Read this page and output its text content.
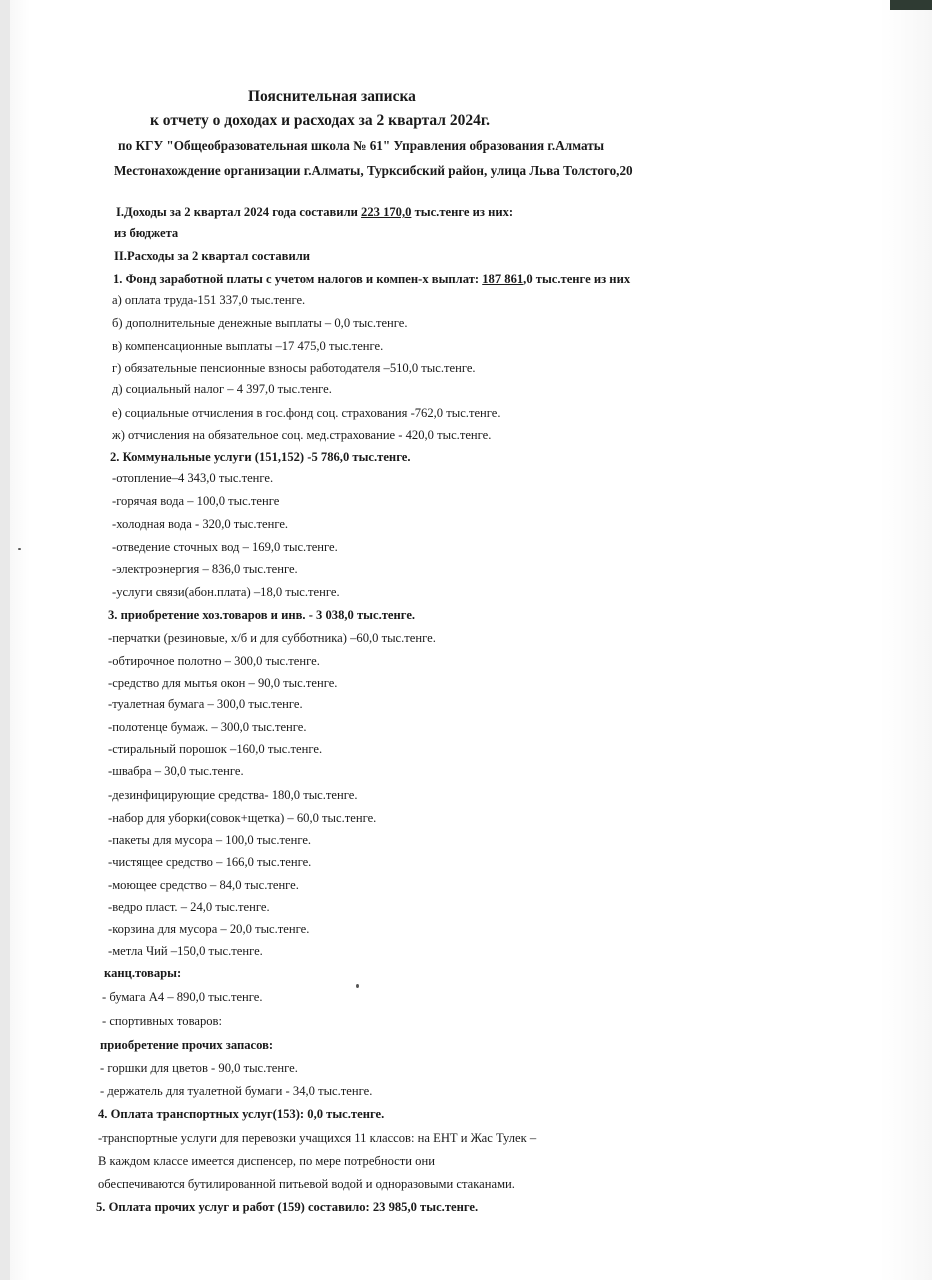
Пояснительная записка
к отчету о доходах и расходах за 2 квартал 2024г.
по КГУ "Общеобразовательная школа № 61" Управления образования г.Алматы
Местонахождение организации г.Алматы, Турксибский район, улица Льва Толстого,20
I.Доходы за 2 квартал 2024 года составили 223 170,0 тыс.тенге из них:
из бюджета
II.Расходы за 2 квартал составили
1. Фонд заработной платы с учетом налогов и компен-х выплат: 187 861,0 тыс.тенге из них
а) оплата труда-151 337,0 тыс.тенге.
б) дополнительные денежные выплаты – 0,0 тыс.тенге.
в) компенсационные выплаты –17 475,0 тыс.тенге.
г) обязательные пенсионные взносы работодателя –510,0 тыс.тенге.
д) социальный налог – 4 397,0 тыс.тенге.
е) социальные отчисления в гос.фонд соц. страхования -762,0 тыс.тенге.
ж) отчисления на обязательное соц. мед.страхование - 420,0 тыс.тенге.
2. Коммунальные услуги (151,152) -5 786,0 тыс.тенге.
-отопление–4 343,0 тыс.тенге.
-горячая вода – 100,0 тыс.тенге
-холодная вода - 320,0 тыс.тенге.
-отведение сточных вод – 169,0 тыс.тенге.
-электроэнергия – 836,0 тыс.тенге.
-услуги связи(абон.плата) –18,0 тыс.тенге.
3. приобретение хоз.товаров и инв. - 3 038,0 тыс.тенге.
-перчатки (резиновые, х/б и для субботника) –60,0 тыс.тенге.
-обтирочное полотно – 300,0 тыс.тенге.
-средство для мытья окон – 90,0 тыс.тенге.
-туалетная бумага – 300,0 тыс.тенге.
-полотенце бумаж. – 300,0 тыс.тенге.
-стиральный порошок –160,0 тыс.тенге.
-швабра – 30,0 тыс.тенге.
-дезинфицирующие средства- 180,0 тыс.тенге.
-набор для уборки(совок+щетка) – 60,0 тыс.тенге.
-пакеты для мусора – 100,0 тыс.тенге.
-чистящее средство – 166,0 тыс.тенге.
-моющее средство – 84,0 тыс.тенге.
-ведро пласт. – 24,0 тыс.тенге.
-корзина для мусора – 20,0 тыс.тенге.
-метла Чий –150,0 тыс.тенге.
канц.товары:
- бумага А4 – 890,0 тыс.тенге.
- спортивных товаров:
приобретение прочих запасов:
- горшки для цветов - 90,0 тыс.тенге.
- держатель для туалетной бумаги - 34,0 тыс.тенге.
4. Оплата транспортных услуг(153): 0,0 тыс.тенге.
-транспортные услуги для перевозки учащихся 11 классов: на ЕНТ и Жас Тулек –
В каждом классе имеется диспенсер, по мере потребности они
обеспечиваются бутилированной питьевой водой и одноразовыми стаканами.
5. Оплата прочих услуг и работ (159) составило: 23 985,0 тыс.тенге.
